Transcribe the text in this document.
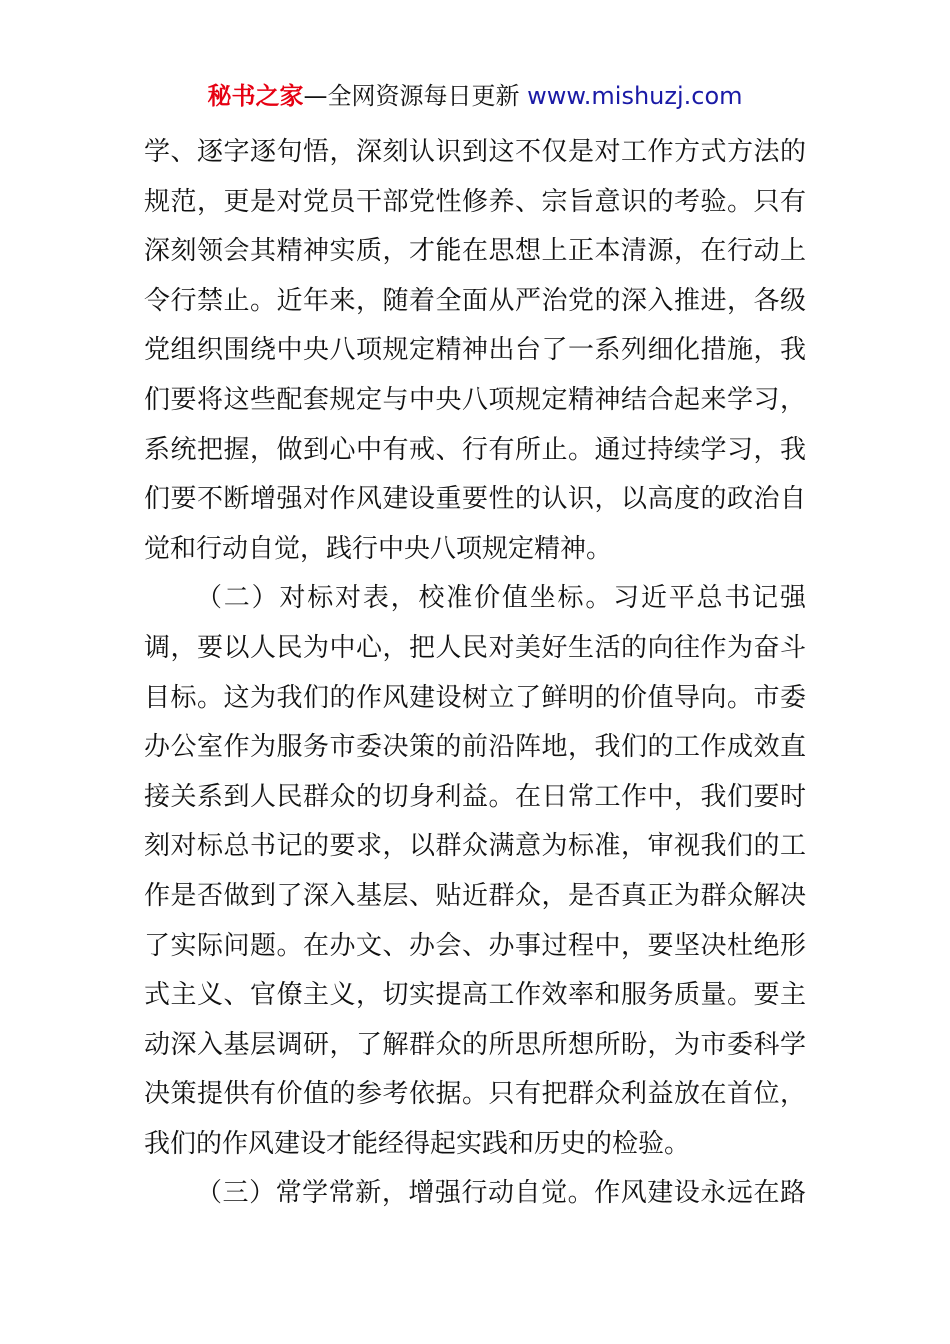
秘书之家—全网资源每日更新 www.mishuzj.com
学、逐字逐句悟，深刻认识到这不仅是对工作方式方法的
规范，更是对党员干部党性修养、宗旨意识的考验。只有
深刻领会其精神实质，才能在思想上正本清源，在行动上
令行禁止。近年来，随着全面从严治党的深入推进，各级
党组织围绕中央八项规定精神出台了一系列细化措施，我
们要将这些配套规定与中央八项规定精神结合起来学习，
系统把握，做到心中有戒、行有所止。通过持续学习，我
们要不断增强对作风建设重要性的认识，以高度的政治自
觉和行动自觉，践行中央八项规定精神。
（二）对标对表，校准价值坐标。习近平总书记强
调，要以人民为中心，把人民对美好生活的向往作为奋斗
目标。这为我们的作风建设树立了鲜明的价值导向。市委
办公室作为服务市委决策的前沿阵地，我们的工作成效直
接关系到人民群众的切身利益。在日常工作中，我们要时
刻对标总书记的要求，以群众满意为标准，审视我们的工
作是否做到了深入基层、贴近群众，是否真正为群众解决
了实际问题。在办文、办会、办事过程中，要坚决杜绝形
式主义、官僚主义，切实提高工作效率和服务质量。要主
动深入基层调研，了解群众的所思所想所盼，为市委科学
决策提供有价值的参考依据。只有把群众利益放在首位，
我们的作风建设才能经得起实践和历史的检验。
（三）常学常新，增强行动自觉。作风建设永远在路
